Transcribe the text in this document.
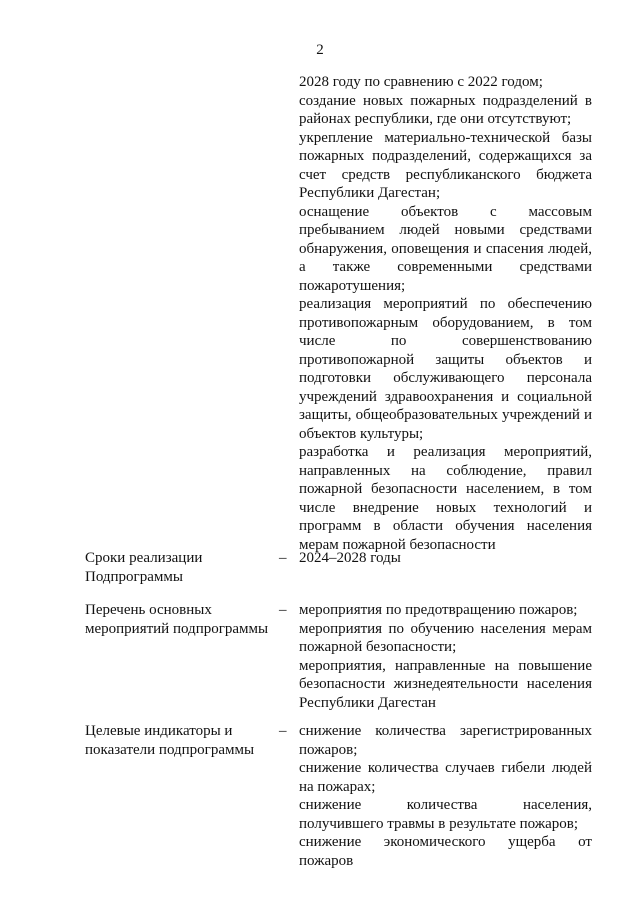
2
2028 году по сравнению с 2022 годом;
создание новых пожарных подразделений в районах республики, где они отсутствуют;
укрепление материально-технической базы пожарных подразделений, содержащихся за счет средств республиканского бюджета Республики Дагестан;
оснащение объектов с массовым пребыванием людей новыми средствами обнаружения, оповещения и спасения людей, а также современными средствами пожаротушения;
реализация мероприятий по обеспечению противопожарным оборудованием, в том числе по совершенствованию противопожарной защиты объектов и подготовки обслуживающего персонала учреждений здравоохранения и социальной защиты, общеобразовательных учреждений и объектов культуры;
разработка и реализация мероприятий, направленных на соблюдение, правил пожарной безопасности населением, в том числе внедрение новых технологий и программ в области обучения населения мерам пожарной безопасности
Сроки реализации Подпрограммы
– 2024–2028 годы
Перечень основных мероприятий подпрограммы
– мероприятия по предотвращению пожаров;
мероприятия по обучению населения мерам пожарной безопасности;
мероприятия, направленные на повышение безопасности жизнедеятельности населения Республики Дагестан
Целевые индикаторы и показатели подпрограммы
– снижение количества зарегистрированных пожаров;
снижение количества случаев гибели людей на пожарах;
снижение количества населения, получившего травмы в результате пожаров;
снижение экономического ущерба от пожаров
